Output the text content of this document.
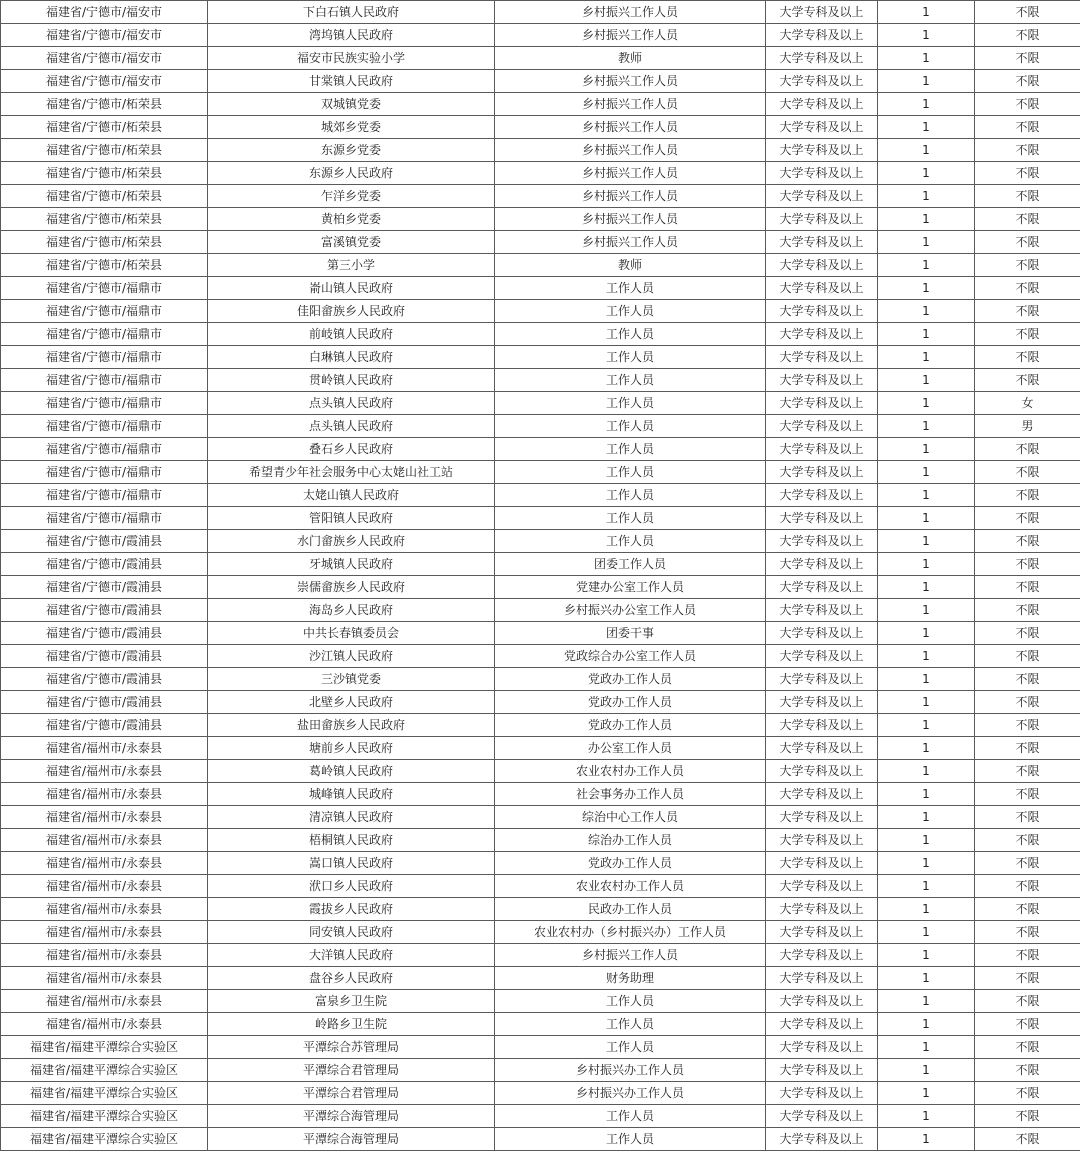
福建省/宁德市/福安市	下白石镇人民政府	乡村振兴工作人员	大学专科及以上	1	不限
福建省/宁德市/福安市	湾坞镇人民政府	乡村振兴工作人员	大学专科及以上	1	不限
福建省/宁德市/福安市	福安市民族实验小学	教师	大学专科及以上	1	不限
福建省/宁德市/福安市	甘棠镇人民政府	乡村振兴工作人员	大学专科及以上	1	不限
福建省/宁德市/柘荣县	双城镇党委	乡村振兴工作人员	大学专科及以上	1	不限
福建省/宁德市/柘荣县	城郊乡党委	乡村振兴工作人员	大学专科及以上	1	不限
福建省/宁德市/柘荣县	东源乡党委	乡村振兴工作人员	大学专科及以上	1	不限
福建省/宁德市/柘荣县	东源乡人民政府	乡村振兴工作人员	大学专科及以上	1	不限
福建省/宁德市/柘荣县	乍洋乡党委	乡村振兴工作人员	大学专科及以上	1	不限
福建省/宁德市/柘荣县	黄柏乡党委	乡村振兴工作人员	大学专科及以上	1	不限
福建省/宁德市/柘荣县	富溪镇党委	乡村振兴工作人员	大学专科及以上	1	不限
福建省/宁德市/柘荣县	第三小学	教师	大学专科及以上	1	不限
福建省/宁德市/福鼎市	嵛山镇人民政府	工作人员	大学专科及以上	1	不限
福建省/宁德市/福鼎市	佳阳畲族乡人民政府	工作人员	大学专科及以上	1	不限
福建省/宁德市/福鼎市	前岐镇人民政府	工作人员	大学专科及以上	1	不限
福建省/宁德市/福鼎市	白琳镇人民政府	工作人员	大学专科及以上	1	不限
福建省/宁德市/福鼎市	贯岭镇人民政府	工作人员	大学专科及以上	1	不限
福建省/宁德市/福鼎市	点头镇人民政府	工作人员	大学专科及以上	1	女
福建省/宁德市/福鼎市	点头镇人民政府	工作人员	大学专科及以上	1	男
福建省/宁德市/福鼎市	叠石乡人民政府	工作人员	大学专科及以上	1	不限
福建省/宁德市/福鼎市	希望青少年社会服务中心太姥山社工站	工作人员	大学专科及以上	1	不限
福建省/宁德市/福鼎市	太姥山镇人民政府	工作人员	大学专科及以上	1	不限
福建省/宁德市/福鼎市	管阳镇人民政府	工作人员	大学专科及以上	1	不限
福建省/宁德市/霞浦县	水门畲族乡人民政府	工作人员	大学专科及以上	1	不限
福建省/宁德市/霞浦县	牙城镇人民政府	团委工作人员	大学专科及以上	1	不限
福建省/宁德市/霞浦县	崇儒畲族乡人民政府	党建办公室工作人员	大学专科及以上	1	不限
福建省/宁德市/霞浦县	海岛乡人民政府	乡村振兴办公室工作人员	大学专科及以上	1	不限
福建省/宁德市/霞浦县	中共长春镇委员会	团委干事	大学专科及以上	1	不限
福建省/宁德市/霞浦县	沙江镇人民政府	党政综合办公室工作人员	大学专科及以上	1	不限
福建省/宁德市/霞浦县	三沙镇党委	党政办工作人员	大学专科及以上	1	不限
福建省/宁德市/霞浦县	北壁乡人民政府	党政办工作人员	大学专科及以上	1	不限
福建省/宁德市/霞浦县	盐田畲族乡人民政府	党政办工作人员	大学专科及以上	1	不限
福建省/福州市/永泰县	塘前乡人民政府	办公室工作人员	大学专科及以上	1	不限
福建省/福州市/永泰县	葛岭镇人民政府	农业农村办工作人员	大学专科及以上	1	不限
福建省/福州市/永泰县	城峰镇人民政府	社会事务办工作人员	大学专科及以上	1	不限
福建省/福州市/永泰县	清凉镇人民政府	综治中心工作人员	大学专科及以上	1	不限
福建省/福州市/永泰县	梧桐镇人民政府	综治办工作人员	大学专科及以上	1	不限
福建省/福州市/永泰县	嵩口镇人民政府	党政办工作人员	大学专科及以上	1	不限
福建省/福州市/永泰县	洑口乡人民政府	农业农村办工作人员	大学专科及以上	1	不限
福建省/福州市/永泰县	霞拔乡人民政府	民政办工作人员	大学专科及以上	1	不限
福建省/福州市/永泰县	同安镇人民政府	农业农村办（乡村振兴办）工作人员	大学专科及以上	1	不限
福建省/福州市/永泰县	大洋镇人民政府	乡村振兴工作人员	大学专科及以上	1	不限
福建省/福州市/永泰县	盘谷乡人民政府	财务助理	大学专科及以上	1	不限
福建省/福州市/永泰县	富泉乡卫生院	工作人员	大学专科及以上	1	不限
福建省/福州市/永泰县	岭路乡卫生院	工作人员	大学专科及以上	1	不限
福建省/福建平潭综合实验区	平潭综合苏管理局	工作人员	大学专科及以上	1	不限
福建省/福建平潭综合实验区	平潭综合君管理局	乡村振兴办工作人员	大学专科及以上	1	不限
福建省/福建平潭综合实验区	平潭综合君管理局	乡村振兴办工作人员	大学专科及以上	1	不限
福建省/福建平潭综合实验区	平潭综合海管理局	工作人员	大学专科及以上	1	不限
福建省/福建平潭综合实验区	平潭综合海管理局	工作人员	大学专科及以上	1	不限
